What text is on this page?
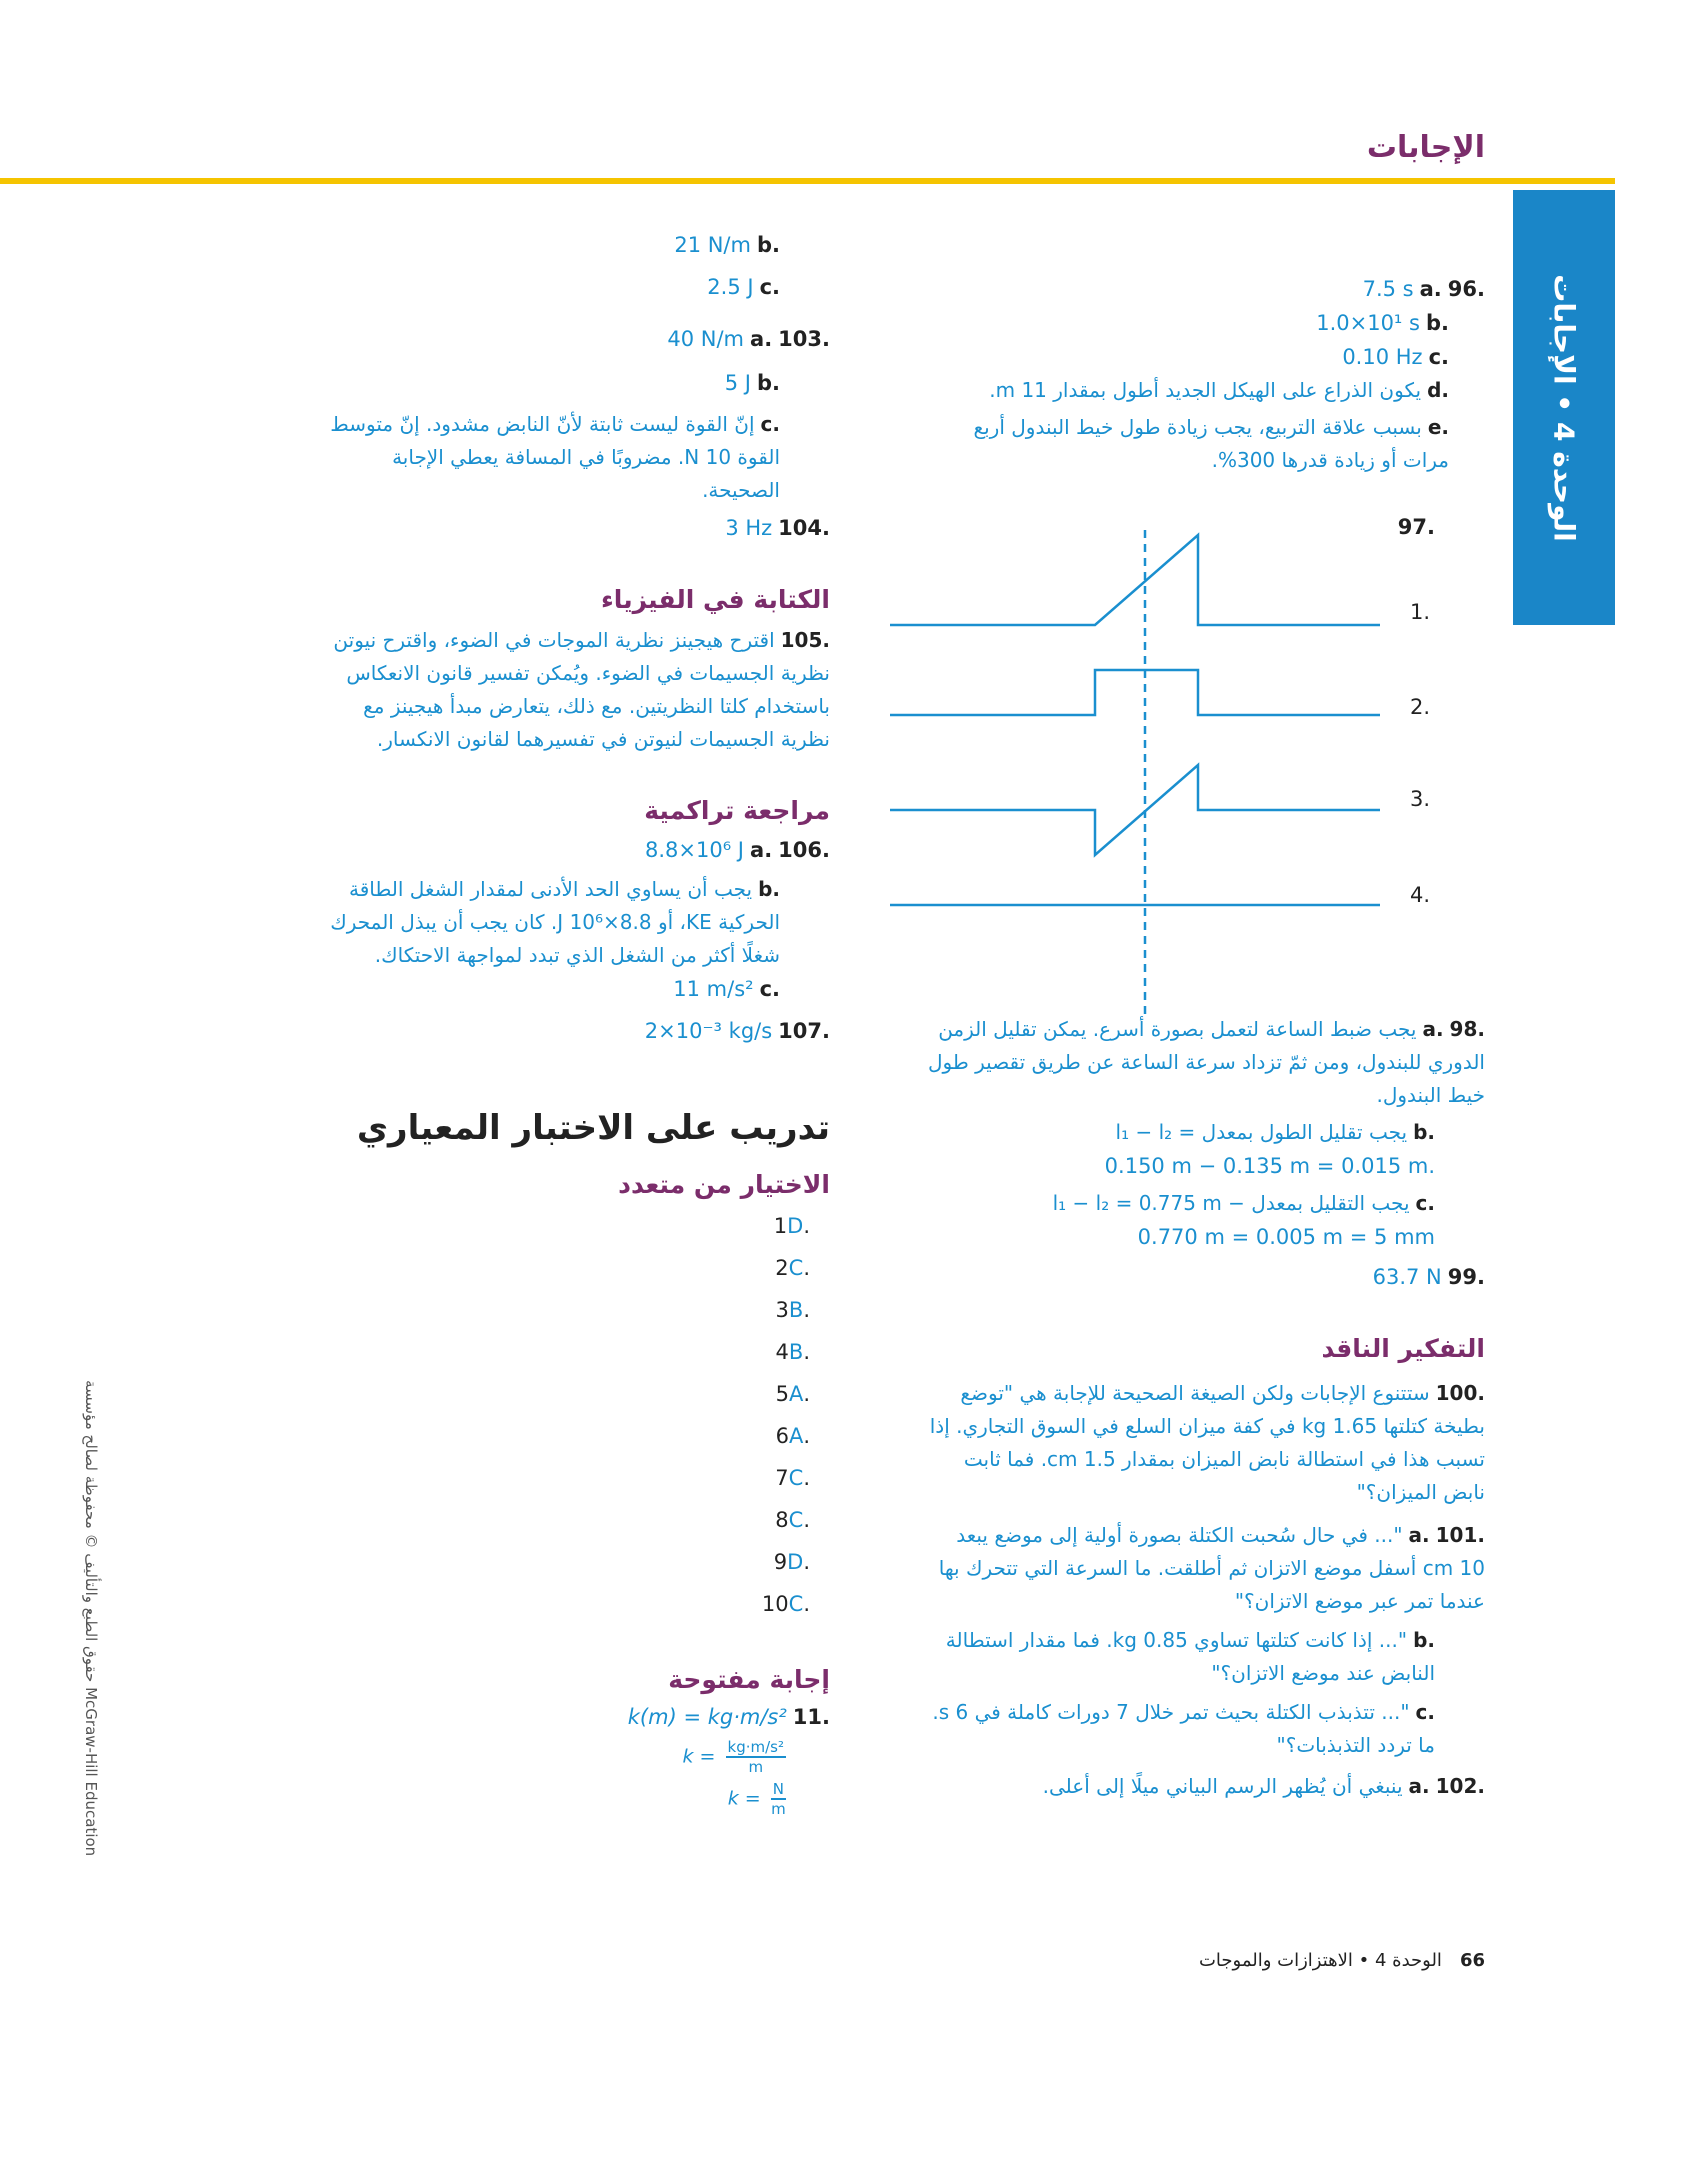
الإجابات
الوحدة 4 • الإجابات
McGraw-Hill Education حقوق الطبع والتأليف © محفوظة لصالح مؤسسة
.96.a7.5 s
.b1.0×10¹ s
.c0.10 Hz
.dيكون الذراع على الهيكل الجديد أطول بمقدار 11 m.
.eبسبب علاقة التربيع، يجب زيادة طول خيط البندول أربع مرات أو زيادة قدرها 300%.
.97
.1
.2
.3
.4
.98.aيجب ضبط الساعة لتعمل بصورة أسرع. يمكن تقليل الزمن الدوري للبندول، ومن ثمّ تزداد سرعة الساعة عن طريق تقصير طول خيط البندول.
.bيجب تقليل الطول بمعدل l₁ − l₂ =
0.150 m − 0.135 m = 0.015 m.
.cيجب التقليل بمعدل l₁ − l₂ = 0.775 m −
0.770 m = 0.005 m = 5 mm
.9963.7 N
التفكير الناقد
.100ستتنوع الإجابات ولكن الصيغة الصحيحة للإجابة هي "توضع بطيخة كتلتها 1.65 kg في كفة ميزان السلع في السوق التجاري. إذا تسبب هذا في استطالة نابض الميزان بمقدار 1.5 cm. فما ثابت نابض الميزان؟"
.101.a"... في حال سُحبت الكتلة بصورة أولية إلى موضع يبعد 10 cm أسفل موضع الاتزان ثم أطلقت. ما السرعة التي تتحرك بها عندما تمر عبر موضع الاتزان؟"
.b"... إذا كانت كتلتها تساوي 0.85 kg. فما مقدار استطالة النابض عند موضع الاتزان؟"
.c"... تتذبذب الكتلة بحيث تمر خلال 7 دورات كاملة في 6 s. ما تردد التذبذبات؟"
.102.aينبغي أن يُظهر الرسم البياني ميلًا إلى أعلى.
66الوحدة 4 • الاهتزازات والموجات
.b21 N/m
.c2.5 J
.103.a40 N/m
.b5 J
.cإنّ القوة ليست ثابتة لأنّ النابض مشدود. إنّ متوسط القوة 10 N. مضروبًا في المسافة يعطي الإجابة الصحيحة.
.1043 Hz
الكتابة في الفيزياء
.105اقترح هيجينز نظرية الموجات في الضوء، واقترح نيوتن نظرية الجسيمات في الضوء. ويُمكن تفسير قانون الانعكاس باستخدام كلتا النظريتين. مع ذلك، يتعارض مبدأ هيجينز مع نظرية الجسيمات لنيوتن في تفسيرهما لقانون الانكسار.
مراجعة تراكمية
.106.a8.8×10⁶ J
.bيجب أن يساوي الحد الأدنى لمقدار الشغل الطاقة الحركية KE، أو 8.8×10⁶ J. كان يجب أن يبذل المحرك شغلًا أكثر من الشغل الذي تبدد لمواجهة الاحتكاك.
.c11 m/s²
.1072×10⁻³ kg/s
تدريب على الاختبار المعياري
الاختيار من متعدد
.1D
.2C
.3B
.4B
.5A
.6A
.7C
.8C
.9D
.10C
إجابة مفتوحة
.11k(m) = kg·m/s²
$k = \frac{\text{kg·m/s²}}{m}$
$k = \frac{N}{m}$
